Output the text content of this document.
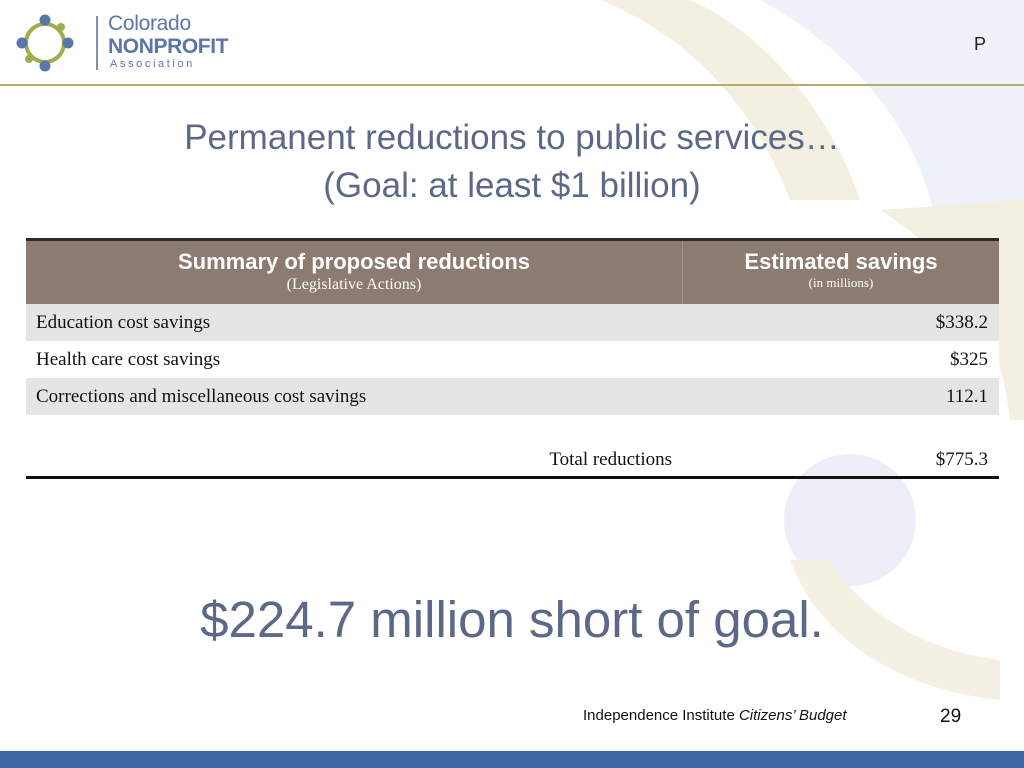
Colorado
NONPROFIT
Association
P
Permanent reductions to public services…
(Goal: at least $1 billion)
Summary of proposed reductions
(Legislative Actions)
Estimated savings
(in millions)
Education cost savings	$338.2
Health care cost savings	$325
Corrections and miscellaneous cost savings	112.1
Total reductions	$775.3
$224.7 million short of goal.
Independence Institute Citizens’ Budget	29
